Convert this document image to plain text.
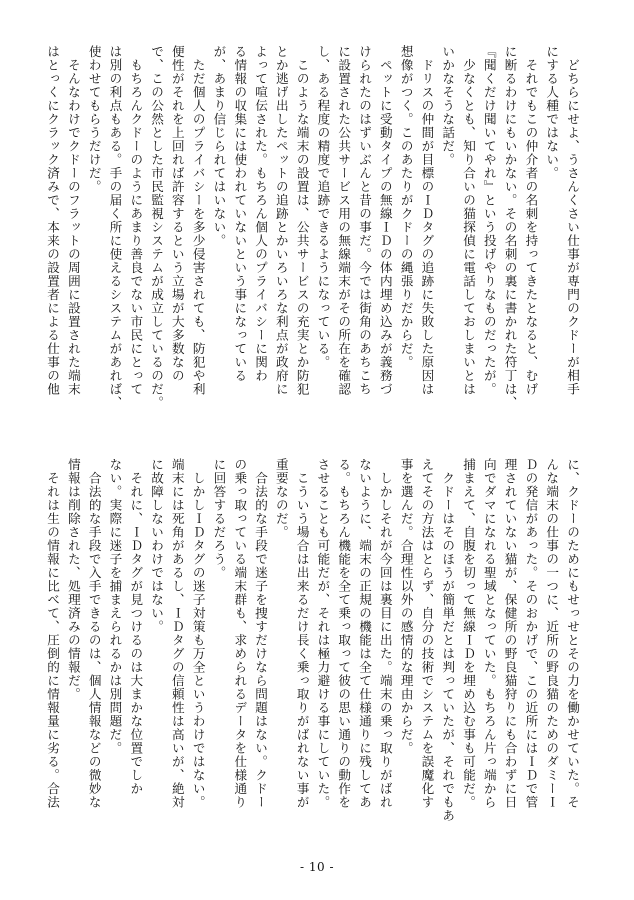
　どちらにせよ、うさんくさい仕事が専門のクドーが相手
にする人種ではない。
　それでもこの仲介者の名刺を持ってきたとなると、むげ
に断るわけにもいかない。その名刺の裏に書かれた符丁は、
『聞くだけ聞いてやれ』という投げやりなものだったが。
　少なくとも、知り合いの猫探偵に電話しておしまいとは
いかなそうな話だ。
　ドリスの仲間が目標のＩＤタグの追跡に失敗した原因は
想像がつく。このあたりがクドーの縄張りだからだ。
　ペットに受動タイプの無線ＩＤの体内埋め込みが義務づ
けられたのはずいぶんと昔の事だ。今では街角のあちこち
に設置された公共サービス用の無線端末がその所在を確認
し、ある程度の精度で追跡できるようになっている。
　このような端末の設置は、公共サービスの充実とか防犯
とか逃げ出したペットの追跡とかいろいろな利点が政府に
よって喧伝された。もちろん個人のプライバシーに関わ
る情報の収集には使われていないという事になっている
が、あまり信じられてはいない。
　ただ個人のプライバシーを多少侵害されても、防犯や利
便性がそれを上回れば許容するという立場が大多数なの
で、この公然とした市民監視システムが成立しているのだ。
　もちろんクドーのようにあまり善良でない市民にとって
は別の利点もある。手の届く所に使えるシステムがあれば、
使わせてもらうだけだ。
　そんなわけでクドーのフラットの周囲に設置された端末
はとっくにクラック済みで、本来の設置者による仕事の他
に、クドーのためにもせっせとその力を働かせていた。そ
んな端末の仕事の一つに、近所の野良猫のためのダミーＩ
Ｄの発信があった。そのおかげで、この近所にはＩＤで管
理されていない猫が、保健所の野良猫狩りにも合わずに日
向でダマになれる聖域となっていた。もちろん片っ端から
捕まえて、自腹を切って無線ＩＤを埋め込む事も可能だ。
　クドーはそのほうが簡単だとは判っていたが、それでもあ
えてその方法はとらず、自分の技術でシステムを誤魔化す
事を選んだ。合理性以外の感情的な理由からだ。
　しかしそれが今回は裏目に出た。端末の乗っ取りがばれ
ないように、端末の正規の機能は全て仕様通りに残してあ
る。もちろん機能を全て乗っ取って彼の思い通りの動作を
させることも可能だが、それは極力避ける事にしていた。
　こういう場合は出来るだけ長く乗っ取りがばれない事が
重要なのだ。
　合法的な手段で迷子を捜すだけなら問題はない。クドー
の乗っ取っている端末群も、求められるデータを仕様通り
に回答するだろう。
　しかしＩＤタグの迷子対策も万全というわけではない。
端末には死角があるし、ＩＤタグの信頼性は高いが、絶対
に故障しないわけではない。
　それに、ＩＤタグが見つけるのは大まかな位置でしか
ない。実際に迷子を捕まえられるかは別問題だ。
　合法的な手段で入手できるのは、個人情報などの微妙な
情報は削除された、処理済みの情報だ。
　それは生の情報に比べて、圧倒的に情報量に劣る。合法
- 10 -
